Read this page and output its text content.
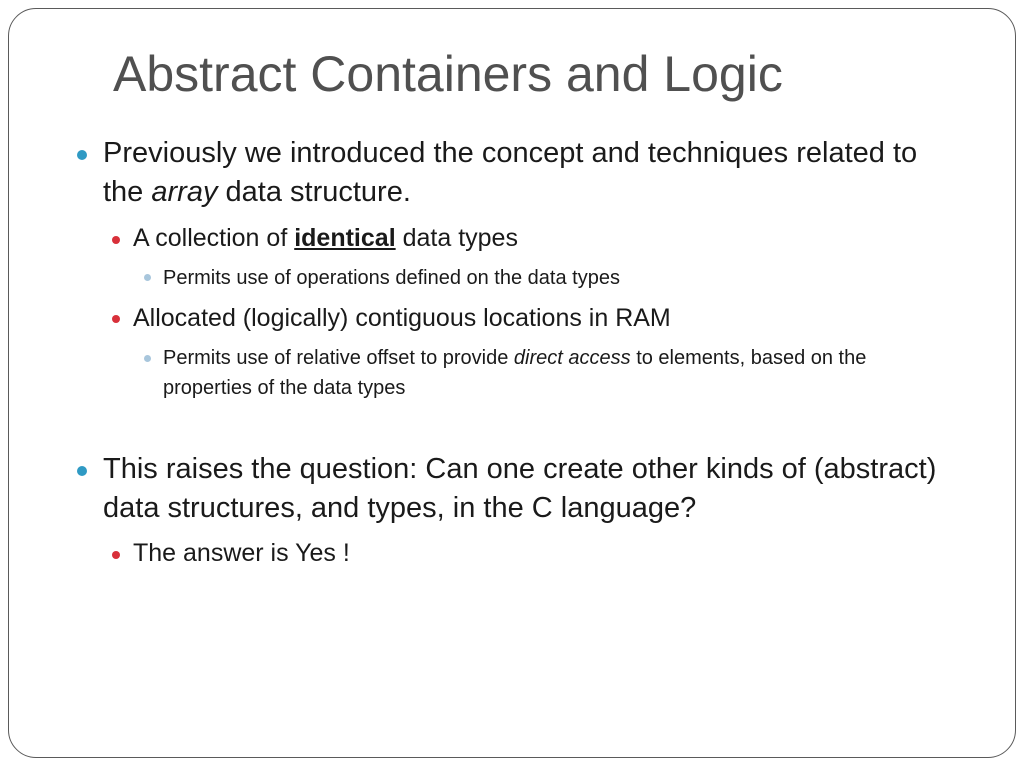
Abstract Containers and Logic
Previously we introduced the concept and techniques related to the array data structure.
A collection of identical data types
Permits use of operations defined on the data types
Allocated (logically) contiguous locations in RAM
Permits use of relative offset to provide direct access to elements, based on the properties of the data types
This raises the question: Can one create other kinds of (abstract) data structures, and types, in the C language?
The answer is Yes !
